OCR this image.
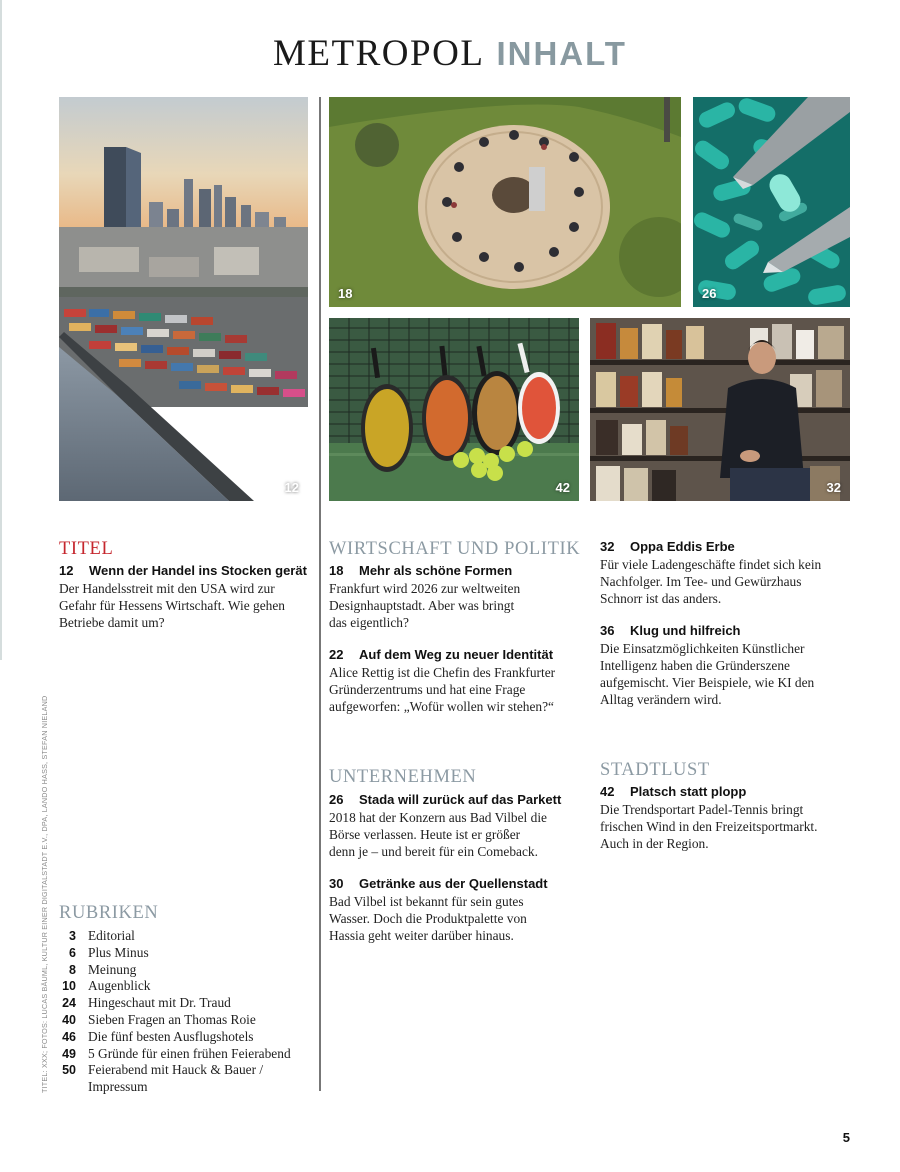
METROPOL INHALT
12
18	26
42	32
TITEL
12 Wenn der Handel ins Stocken gerät
Der Handelsstreit mit den USA wird zur
Gefahr für Hessens Wirtschaft. Wie gehen
Betriebe damit um?
WIRTSCHAFT UND POLITIK
18 Mehr als schöne Formen
Frankfurt wird 2026 zur weltweiten
Designhauptstadt. Aber was bringt
das eigentlich?
22 Auf dem Weg zu neuer Identität
Alice Rettig ist die Chefin des Frankfurter
Gründerzentrums und hat eine Frage
aufgeworfen: „Wofür wollen wir stehen?“
32 Oppa Eddis Erbe
Für viele Ladengeschäfte findet sich kein
Nachfolger. Im Tee- und Gewürzhaus
Schnorr ist das anders.
36 Klug und hilfreich
Die Einsatzmöglichkeiten Künstlicher
Intelligenz haben die Gründerszene
aufgemischt. Vier Beispiele, wie KI den
Alltag verändern wird.
UNTERNEHMEN
26 Stada will zurück auf das Parkett
2018 hat der Konzern aus Bad Vilbel die
Börse verlassen. Heute ist er größer
denn je – und bereit für ein Comeback.
30 Getränke aus der Quellenstadt
Bad Vilbel ist bekannt für sein gutes
Wasser. Doch die Produktpalette von
Hassia geht weiter darüber hinaus.
STADTLUST
42 Platsch statt plopp
Die Trendsportart Padel-Tennis bringt
frischen Wind in den Freizeitsportmarkt.
Auch in der Region.
RUBRIKEN
3 Editorial
6 Plus Minus
8 Meinung
10 Augenblick
24 Hingeschaut mit Dr. Traud
40 Sieben Fragen an Thomas Roie
46 Die fünf besten Ausflugshotels
49 5 Gründe für einen frühen Feierabend
50 Feierabend mit Hauck & Bauer /
Impressum
TITEL: XXX; FOTOS: LUCAS BÄUML, KULTUR EINER DIGITALSTADT E.V., DPA, LANDO HASS, STEFAN NIELAND
5
